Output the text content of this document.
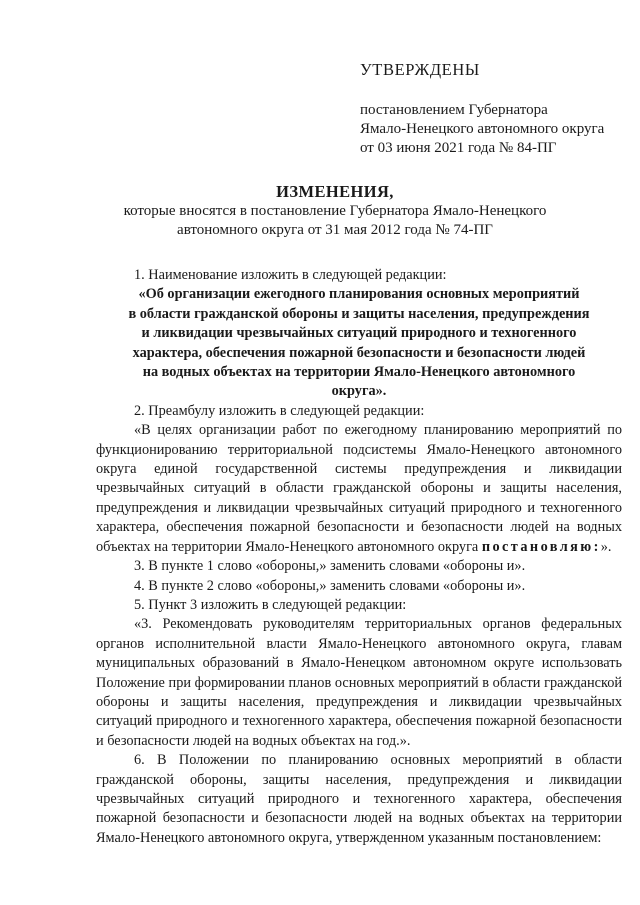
УТВЕРЖДЕНЫ
постановлением Губернатора
Ямало-Ненецкого автономного округа
от 03 июня 2021 года № 84-ПГ
ИЗМЕНЕНИЯ,
которые вносятся в постановление Губернатора Ямало-Ненецкого
автономного округа от 31 мая 2012 года № 74-ПГ

1. Наименование изложить в следующей редакции:

«Об организации ежегодного планирования основных мероприятий
в области гражданской обороны и защиты населения, предупреждения
и ликвидации чрезвычайных ситуаций природного и техногенного
характера, обеспечения пожарной безопасности и безопасности людей
на водных объектах на территории Ямало-Ненецкого автономного
округа».

2. Преамбулу изложить в следующей редакции:

«В целях организации работ по ежегодному планированию мероприятий по функционированию территориальной подсистемы Ямало-Ненецкого автономного округа единой государственной системы предупреждения и ликвидации чрезвычайных ситуаций в области гражданской обороны и защиты населения, предупреждения и ликвидации чрезвычайных ситуаций природного и техногенного характера, обеспечения пожарной безопасности и безопасности людей на водных объектах на территории Ямало-Ненецкого автономного округа постановляю:».

3. В пункте 1 слово «обороны,» заменить словами «обороны и».

4. В пункте 2 слово «обороны,» заменить словами «обороны и».

5. Пункт 3 изложить в следующей редакции:

«3. Рекомендовать руководителям территориальных органов федеральных органов исполнительной власти Ямало-Ненецкого автономного округа, главам муниципальных образований в Ямало-Ненецком автономном округе использовать Положение при формировании планов основных мероприятий в области гражданской обороны и защиты населения, предупреждения и ликвидации чрезвычайных ситуаций природного и техногенного характера, обеспечения пожарной безопасности и безопасности людей на водных объектах на год.».

6. В Положении по планированию основных мероприятий в области гражданской обороны, защиты населения, предупреждения и ликвидации чрезвычайных ситуаций природного и техногенного характера, обеспечения пожарной безопасности и безопасности людей на водных объектах на территории Ямало-Ненецкого автономного округа, утвержденном указанным постановлением:
